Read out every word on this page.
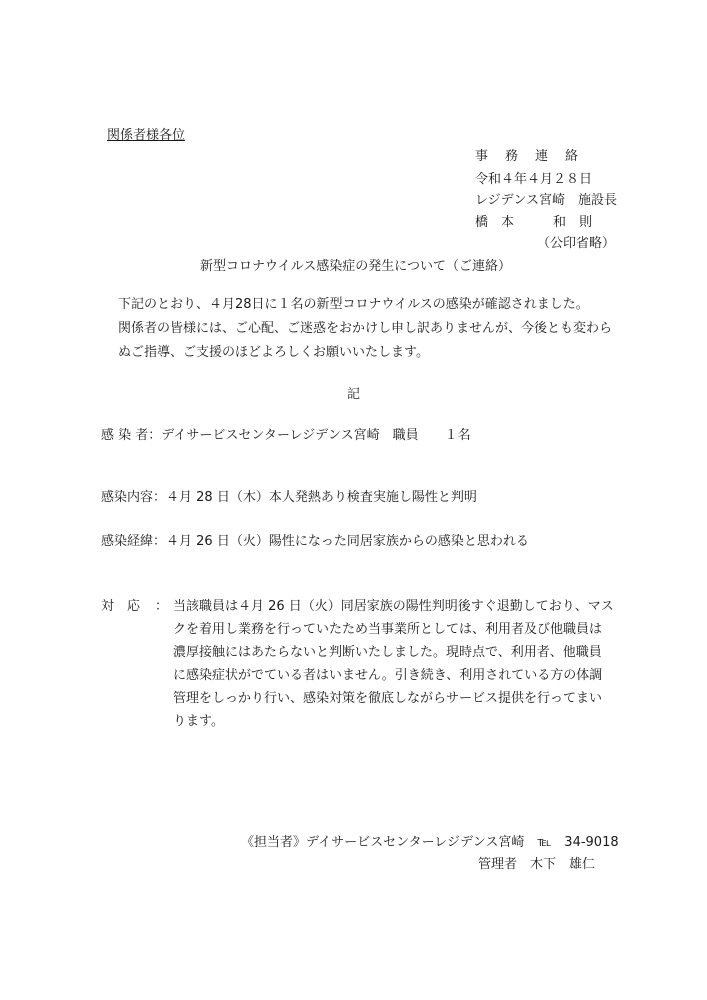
関係者様各位
事　務　連　絡
令和４年４月２８日
レジデンス宮崎　施設長
橋　本　　　和　則
（公印省略）
新型コロナウイルス感染症の発生について（ご連絡）

下記のとおり、４月28日に１名の新型コロナウイルスの感染が確認されました。

関係者の皆様には、ご心配、ご迷惑をおかけし申し訳ありませんが、今後とも変わら

ぬご指導、ご支援のほどよろしくお願いいたします。

記
感 染 者：デイサービスセンターレジデンス宮崎　職員　　１名
感染内容：４月 28 日（木）本人発熱あり検査実施し陽性と判明
感染経緯：４月 26 日（火）陽性になった同居家族からの感染と思われる
対　応 ： 当該職員は４月 26 日（火）同居家族の陽性判明後すぐ退勤しており、マス

クを着用し業務を行っていたため当事業所としては、利用者及び他職員は

濃厚接触にはあたらないと判断いたしました。現時点で、利用者、他職員

に感染症状がでている者はいません。引き続き、利用されている方の体調

管理をしっかり行い、感染対策を徹底しながらサービス提供を行ってまい

ります。

《担当者》デイサービスセンターレジデンス宮崎　℡　34-9018
管理者　木下　雄仁
